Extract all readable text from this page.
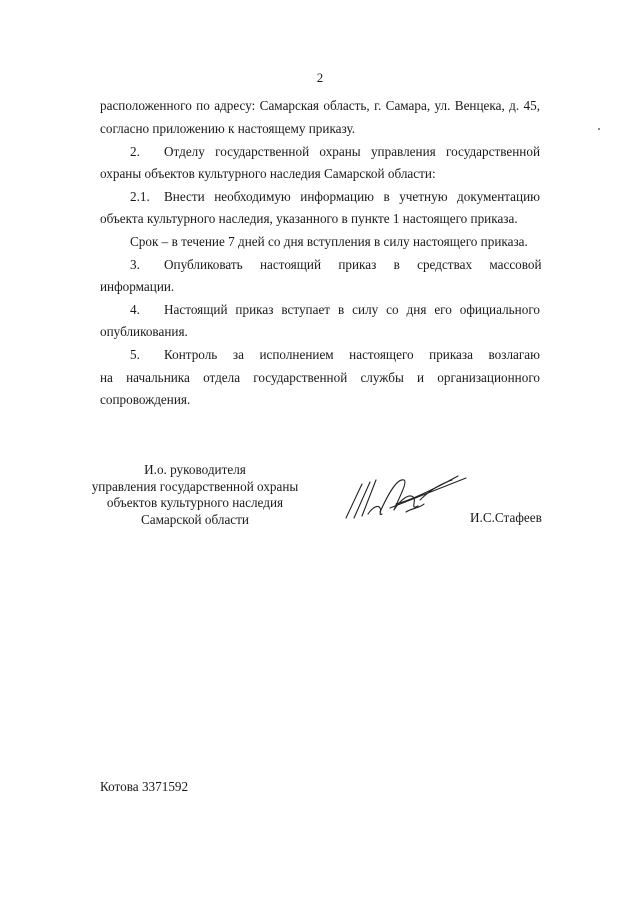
2
расположенного по адресу: Самарская область, г. Самара, ул. Венцека, д. 45,
согласно приложению к настоящему приказу.
2. Отделу государственной охраны управления государственной
охраны объектов культурного наследия Самарской области:
2.1. Внести необходимую информацию в учетную документацию
объекта культурного наследия, указанного в пункте 1 настоящего приказа.
Срок – в течение 7 дней со дня вступления в силу настоящего приказа.
3. Опубликовать настоящий приказ в средствах массовой
информации.
4. Настоящий приказ вступает в силу со дня его официального
опубликования.
5. Контроль за исполнением настоящего приказа возлагаю
на начальника отдела государственной службы и организационного
сопровождения.
И.о. руководителя
управления государственной охраны
объектов культурного наследия
Самарской области	И.С.Стафеев
Котова 3371592
